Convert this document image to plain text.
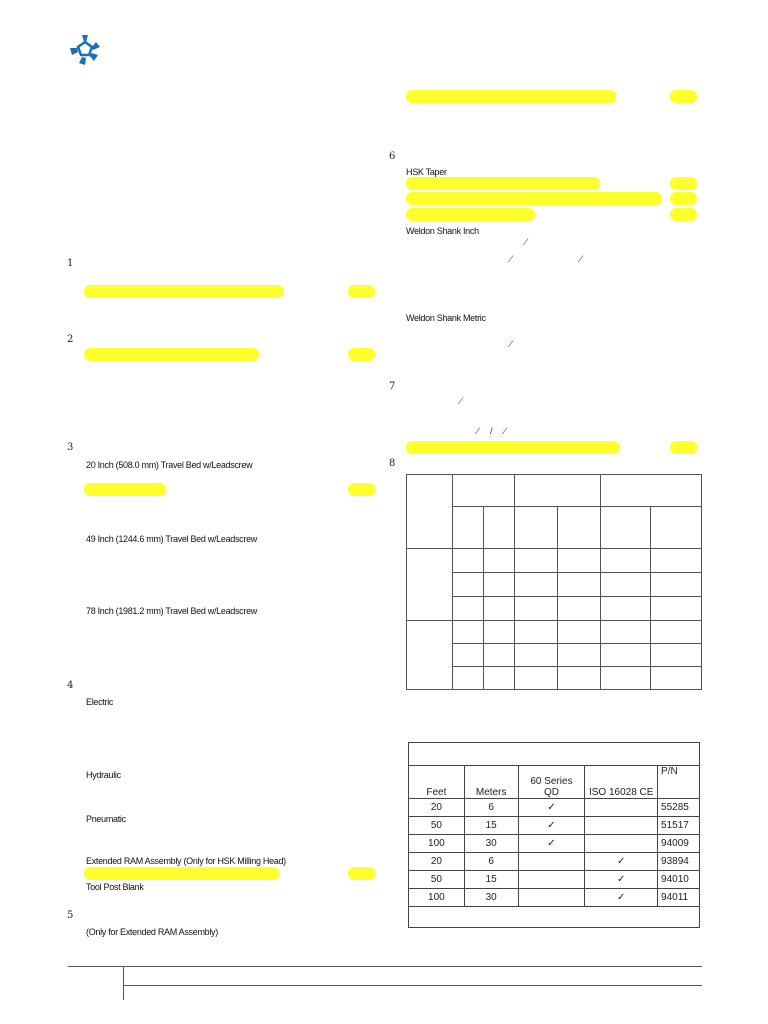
1
2
3
20 Inch (508.0 mm) Travel Bed w/Leadscrew
49 Inch (1244.6 mm) Travel Bed w/Leadscrew
78 Inch (1981.2 mm) Travel Bed w/Leadscrew
4
Electric
Hydraulic
Pneumatic
Extended RAM Assembly (Only for HSK Milling Head)
Tool Post Blank
5
(Only for Extended RAM Assembly)
6
HSK Taper
Weldon Shank Inch
⁄
⁄	⁄
Weldon Shank Metric
⁄
7
⁄
⁄ / ⁄
8

Feet	Meters	60 Series QD	ISO 16028 CE	P/N
20	6	✓		55285
50	15	✓		51517
100	30	✓		94009
20	6		✓	93894
50	15		✓	94010
100	30		✓	94011
